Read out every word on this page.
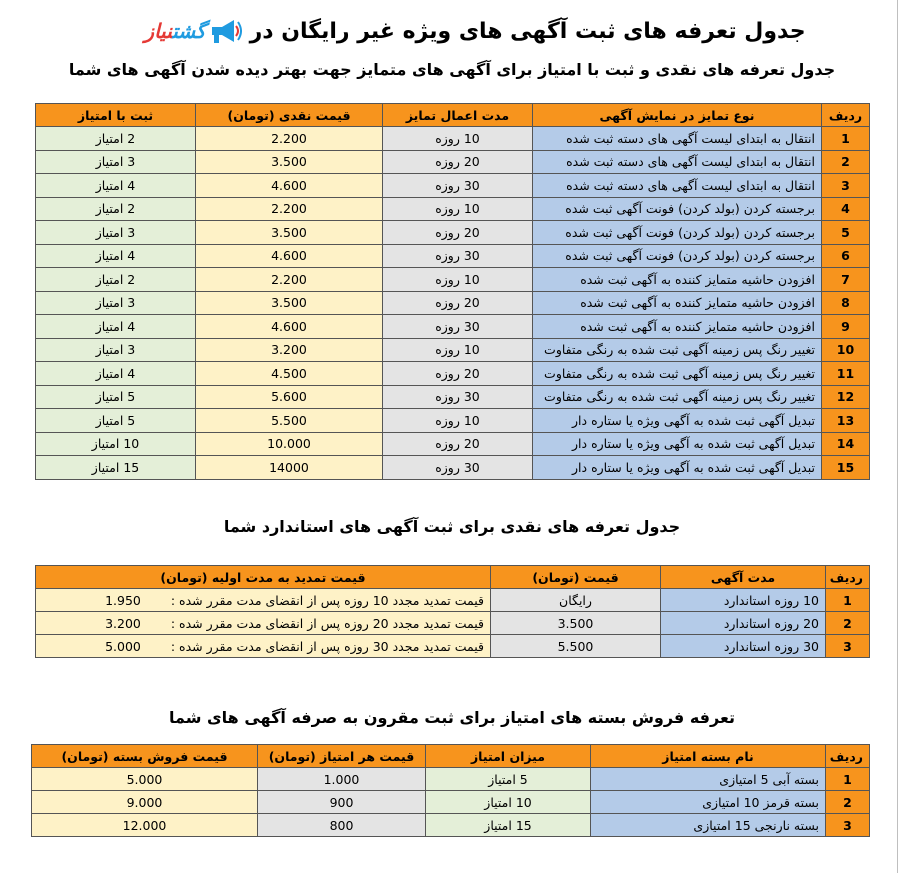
جدول تعرفه های ثبت آگهی های ویژه غیر رایگان در
گشتنیاز
جدول تعرفه های نقدی و ثبت با امتیاز برای آگهی های متمایز جهت بهتر دیده شدن آگهی های شما
ردیف	نوع تمایز در نمایش آگهی	مدت اعمال تمایز	قیمت نقدی (تومان)	ثبت با امتیاز
1	انتقال به ابتدای لیست آگهی های دسته ثبت شده	10 روزه	2.200	2 امتیاز
2	انتقال به ابتدای لیست آگهی های دسته ثبت شده	20 روزه	3.500	3 امتیاز
3	انتقال به ابتدای لیست آگهی های دسته ثبت شده	30 روزه	4.600	4 امتیاز
4	برجسته کردن (بولد کردن) فونت آگهی ثبت شده	10 روزه	2.200	2 امتیاز
5	برجسته کردن (بولد کردن) فونت آگهی ثبت شده	20 روزه	3.500	3 امتیاز
6	برجسته کردن (بولد کردن) فونت آگهی ثبت شده	30 روزه	4.600	4 امتیاز
7	افزودن حاشیه متمایز کننده به آگهی ثبت شده	10 روزه	2.200	2 امتیاز
8	افزودن حاشیه متمایز کننده به آگهی ثبت شده	20 روزه	3.500	3 امتیاز
9	افزودن حاشیه متمایز کننده به آگهی ثبت شده	30 روزه	4.600	4 امتیاز
10	تغییر رنگ پس زمینه آگهی ثبت شده به رنگی متفاوت	10 روزه	3.200	3 امتیاز
11	تغییر رنگ پس زمینه آگهی ثبت شده به رنگی متفاوت	20 روزه	4.500	4 امتیاز
12	تغییر رنگ پس زمینه آگهی ثبت شده به رنگی متفاوت	30 روزه	5.600	5 امتیاز
13	تبدیل آگهی ثبت شده به آگهی ویژه یا ستاره دار	10 روزه	5.500	5 امتیاز
14	تبدیل آگهی ثبت شده به آگهی ویژه یا ستاره دار	20 روزه	10.000	10 امتیاز
15	تبدیل آگهی ثبت شده به آگهی ویژه یا ستاره دار	30 روزه	14000	15 امتیاز
جدول تعرفه های نقدی برای ثبت آگهی های استاندارد شما
ردیف	مدت آگهی	قیمت (تومان)	قیمت تمدید به مدت اولیه (تومان)
1	10 روزه استاندارد	رایگان	قیمت تمدید مجدد 10 روزه پس از انقضای مدت مقرر شده :1.950
2	20 روزه استاندارد	3.500	قیمت تمدید مجدد 20 روزه پس از انقضای مدت مقرر شده :3.200
3	30 روزه استاندارد	5.500	قیمت تمدید مجدد 30 روزه پس از انقضای مدت مقرر شده :5.000
تعرفه فروش بسته های امتیاز برای ثبت مقرون به صرفه آگهی های شما
ردیف	نام بسته امتیاز	میزان امتیاز	قیمت هر امتیاز (تومان)	قیمت فروش بسته (تومان)
1	بسته آبی 5 امتیازی	5 امتیاز	1.000	5.000
2	بسته قرمز 10 امتیازی	10 امتیاز	900	9.000
3	بسته نارنجی 15 امتیازی	15 امتیاز	800	12.000
